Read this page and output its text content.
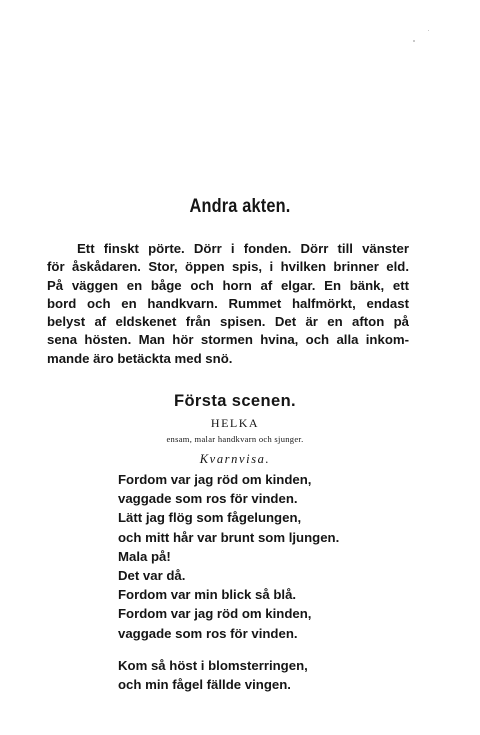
Andra akten.
Ett finskt pörte. Dörr i fonden. Dörr till vänster
för åskådaren. Stor, öppen spis, i hvilken brinner eld.
På väggen en båge och horn af elgar. En bänk, ett
bord och en handkvarn. Rummet halfmörkt, endast
belyst af eldskenet från spisen. Det är en afton på
sena hösten. Man hör stormen hvina, och alla inkom-
mande äro betäckta med snö.
Första scenen.
HELKA
ensam, malar handkvarn och sjunger.
Kvarnvisa.
Fordom var jag röd om kinden,
vaggade som ros för vinden.
Lätt jag flög som fågelungen,
och mitt hår var brunt som ljungen.
Mala på!
Det var då.
Fordom var min blick så blå.
Fordom var jag röd om kinden,
vaggade som ros för vinden.
Kom så höst i blomsterringen,
och min fågel fällde vingen.
